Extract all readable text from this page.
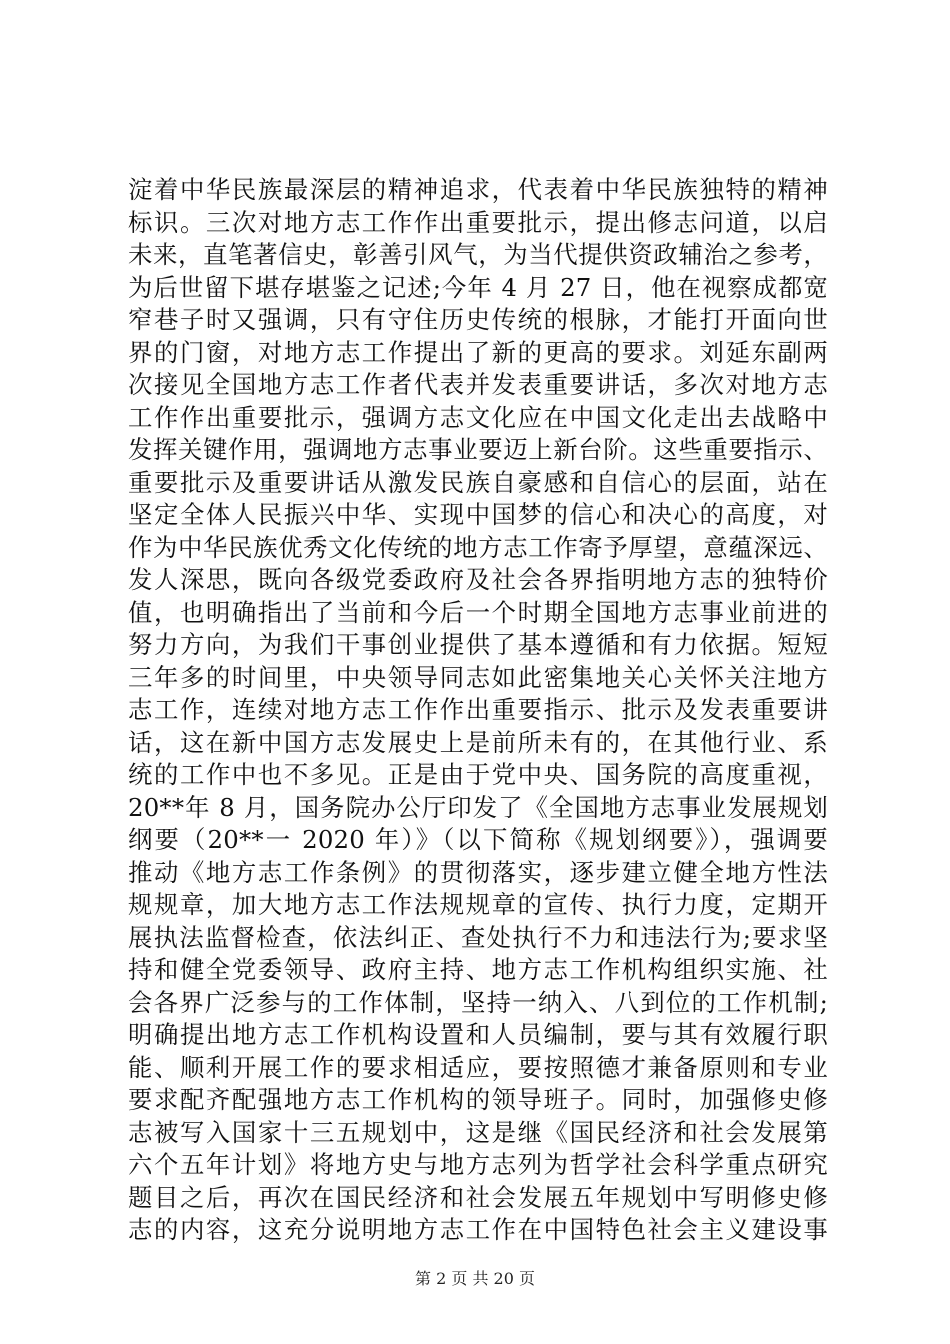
淀着中华民族最深层的精神追求，代表着中华民族独特的精神
标识。三次对地方志工作作出重要批示，提出修志问道，以启
未来，直笔著信史，彰善引风气，为当代提供资政辅治之参考，
为后世留下堪存堪鉴之记述;今年 4 月 27 日，他在视察成都宽
窄巷子时又强调，只有守住历史传统的根脉，才能打开面向世
界的门窗，对地方志工作提出了新的更高的要求。刘延东副两
次接见全国地方志工作者代表并发表重要讲话，多次对地方志
工作作出重要批示，强调方志文化应在中国文化走出去战略中
发挥关键作用，强调地方志事业要迈上新台阶。这些重要指示、
重要批示及重要讲话从激发民族自豪感和自信心的层面，站在
坚定全体人民振兴中华、实现中国梦的信心和决心的高度，对
作为中华民族优秀文化传统的地方志工作寄予厚望，意蕴深远、
发人深思，既向各级党委政府及社会各界指明地方志的独特价
值，也明确指出了当前和今后一个时期全国地方志事业前进的
努力方向，为我们干事创业提供了基本遵循和有力依据。短短
三年多的时间里，中央领导同志如此密集地关心关怀关注地方
志工作，连续对地方志工作作出重要指示、批示及发表重要讲
话，这在新中国方志发展史上是前所未有的，在其他行业、系
统的工作中也不多见。正是由于党中央、国务院的高度重视，
20**年 8 月，国务院办公厅印发了《全国地方志事业发展规划
纲要（20**一 2020 年）》（以下简称《规划纲要》），强调要
推动《地方志工作条例》的贯彻落实，逐步建立健全地方性法
规规章，加大地方志工作法规规章的宣传、执行力度，定期开
展执法监督检查，依法纠正、查处执行不力和违法行为;要求坚
持和健全党委领导、政府主持、地方志工作机构组织实施、社
会各界广泛参与的工作体制，坚持一纳入、八到位的工作机制;
明确提出地方志工作机构设置和人员编制，要与其有效履行职
能、顺利开展工作的要求相适应，要按照德才兼备原则和专业
要求配齐配强地方志工作机构的领导班子。同时，加强修史修
志被写入国家十三五规划中，这是继《国民经济和社会发展第
六个五年计划》将地方史与地方志列为哲学社会科学重点研究
题目之后，再次在国民经济和社会发展五年规划中写明修史修
志的内容，这充分说明地方志工作在中国特色社会主义建设事
第 2 页 共 20 页
